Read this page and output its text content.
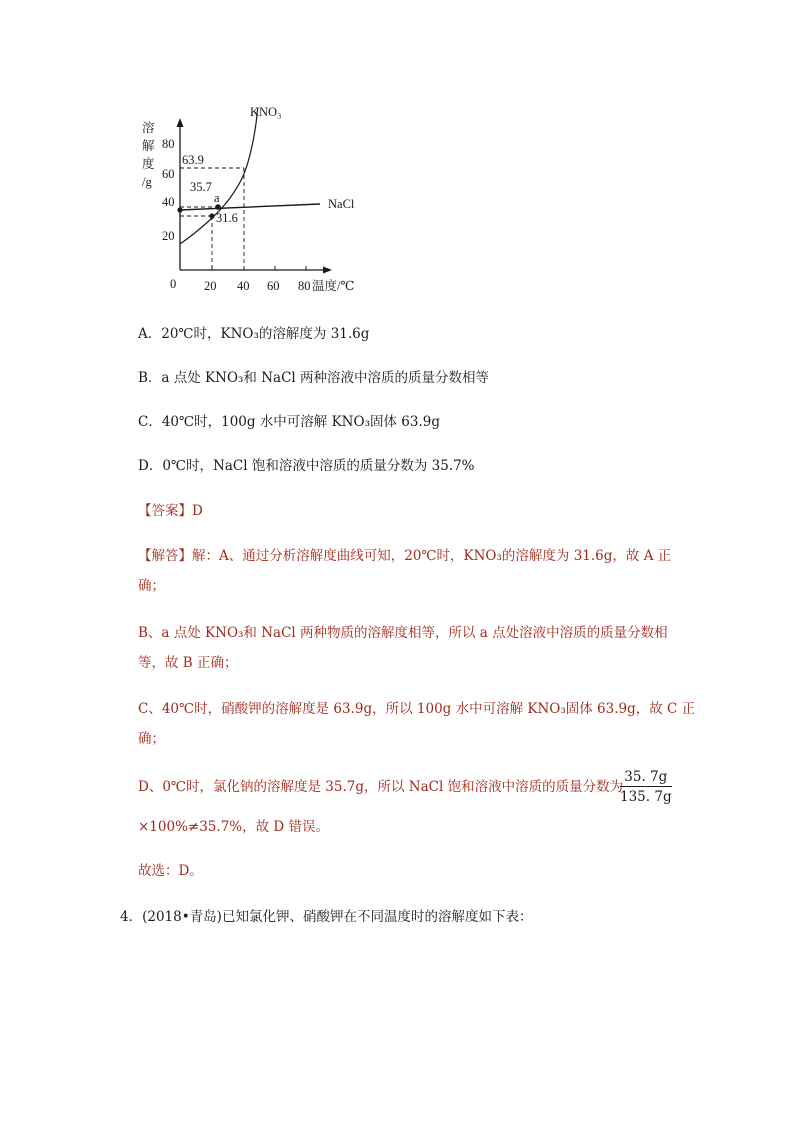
KNO₃
NaCl
溶
解
度
/g
80
60
40
20
63.9
35.7
a
31.6
0 20 40 60 80 温度/℃
A．20℃时，KNO₃的溶解度为 31.6g
B．a 点处 KNO₃和 NaCl 两种溶液中溶质的质量分数相等
C．40℃时，100g 水中可溶解 KNO₃固体 63.9g
D．0℃时，NaCl 饱和溶液中溶质的质量分数为 35.7%
【答案】D
【解答】解：A、通过分析溶解度曲线可知，20℃时，KNO₃的溶解度为 31.6g，故 A 正
确；
B、a 点处 KNO₃和 NaCl 两种物质的溶解度相等，所以 a 点处溶液中溶质的质量分数相
等，故 B 正确；
C、40℃时，硝酸钾的溶解度是 63.9g，所以 100g 水中可溶解 KNO₃固体 63.9g，故 C 正
确；
D、0℃时，氯化钠的溶解度是 35.7g，所以 NaCl 饱和溶液中溶质的质量分数为
$\frac{35. 7g}{135. 7g}$
×100%≠35.7%，故 D 错误。
故选：D。
4．(2018•青岛)已知氯化钾、硝酸钾在不同温度时的溶解度如下表：
